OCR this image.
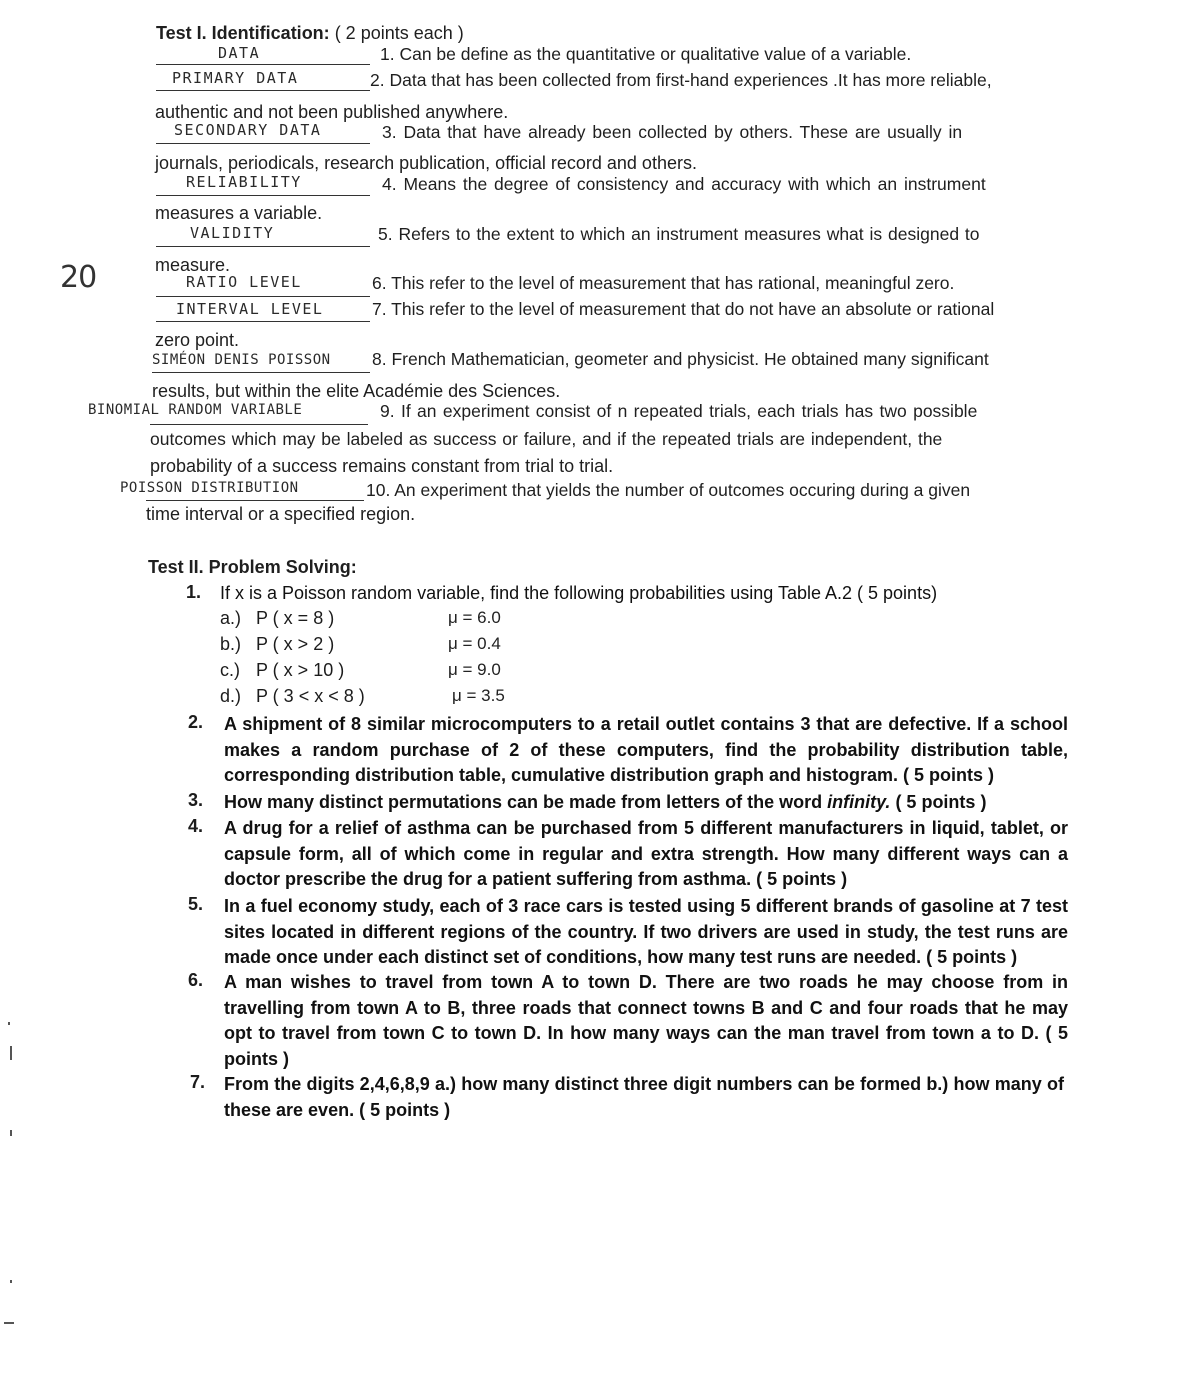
Test I. Identification: ( 2 points each )
20
DATA	1. Can be define as the quantitative or qualitative value of a variable.
PRIMARY DATA	2. Data that has been collected from first-hand experiences .It has more reliable,
authentic and not been published anywhere.
SECONDARY DATA	3. Data that have already been collected by others. These are usually in
journals, periodicals, research publication, official record and others.
RELIABILITY	4. Means the degree of consistency and accuracy with which an instrument
measures a variable.
VALIDITY	5. Refers to the extent to which an instrument measures what is designed to
measure.
RATIO LEVEL	6. This refer to the level of measurement that has rational, meaningful zero.
INTERVAL LEVEL	7. This refer to the level of measurement that do not have an absolute or rational
zero point.
SIMÉON DENIS POISSON 8. French Mathematician, geometer and physicist. He obtained many significant
results, but within the elite Académie des Sciences.
BINOMIAL RANDOM VARIABLE	9. If an experiment consist of n repeated trials, each trials has two possible
outcomes which may be labeled as success or failure, and if the repeated trials are independent, the
probability of a success remains constant from trial to trial.
POISSON DISTRIBUTION	10. An experiment that yields the number of outcomes occuring during a given
time interval or a specified region.
Test II. Problem Solving:
1. If x is a Poisson random variable, find the following probabilities using Table A.2 ( 5 points)
a.) P ( x = 8 )	μ = 6.0
b.) P ( x > 2 )	μ = 0.4
c.) P ( x > 10 )	μ = 9.0
d.) P ( 3 < x < 8 )	μ = 3.5
2. A shipment of 8 similar microcomputers to a retail outlet contains 3 that are defective. If a school makes a random purchase of 2 of these computers, find the probability distribution table, corresponding distribution table, cumulative distribution graph and histogram. ( 5 points )
3. How many distinct permutations can be made from letters of the word infinity. ( 5 points )
4. A drug for a relief of asthma can be purchased from 5 different manufacturers in liquid, tablet, or capsule form, all of which come in regular and extra strength. How many different ways can a doctor prescribe the drug for a patient suffering from asthma. ( 5 points )
5. In a fuel economy study, each of 3 race cars is tested using 5 different brands of gasoline at 7 test sites located in different regions of the country. If two drivers are used in study, the test runs are made once under each distinct set of conditions, how many test runs are needed. ( 5 points )
6. A man wishes to travel from town A to town D. There are two roads he may choose from in travelling from town A to B, three roads that connect towns B and C and four roads that he may opt to travel from town C to town D. In how many ways can the man travel from town a to D. ( 5 points )
7. From the digits 2,4,6,8,9 a.) how many distinct three digit numbers can be formed b.) how many of these are even. ( 5 points )
